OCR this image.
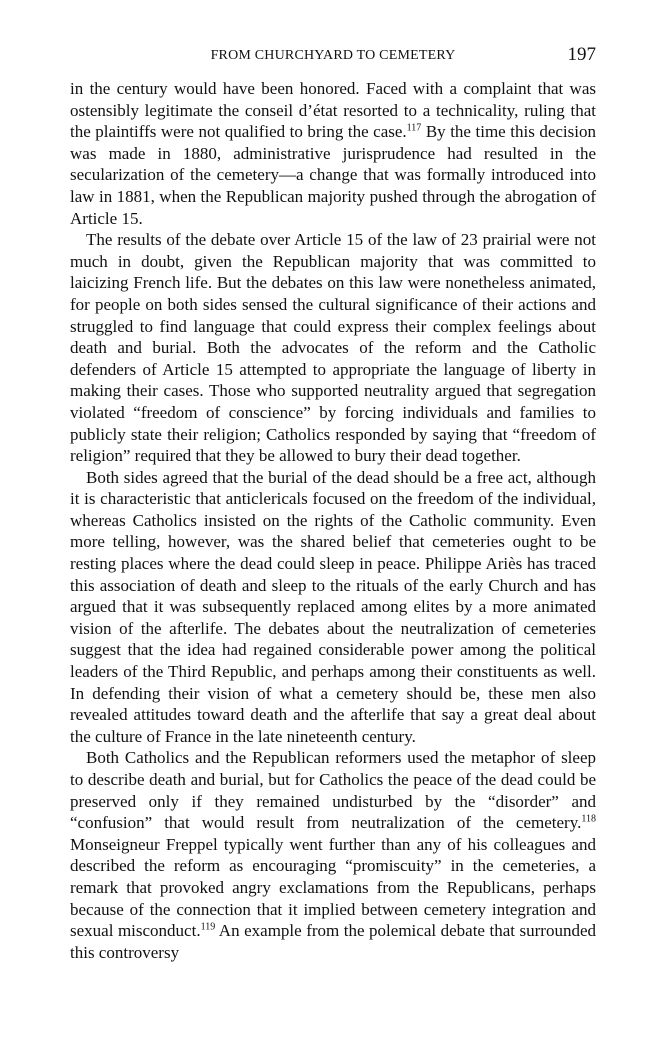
FROM CHURCHYARD TO CEMETERY	197

in the century would have been honored. Faced with a complaint that was ostensibly legitimate the conseil d’état resorted to a technicality, ruling that the plaintiffs were not qualified to bring the case.$^{117}$ By the time this decision was made in 1880, administrative jurisprudence had resulted in the secularization of the cemetery—a change that was formally introduced into law in 1881, when the Republican majority pushed through the abrogation of Article 15.

The results of the debate over Article 15 of the law of 23 prairial were not much in doubt, given the Republican majority that was committed to laicizing French life. But the debates on this law were nonetheless animated, for people on both sides sensed the cultural significance of their actions and struggled to find language that could express their complex feelings about death and burial. Both the advocates of the reform and the Catholic defenders of Article 15 attempted to appropriate the language of liberty in making their cases. Those who supported neutrality argued that segregation violated “freedom of conscience” by forcing individuals and families to publicly state their religion; Catholics responded by saying that “freedom of religion” required that they be allowed to bury their dead together.

Both sides agreed that the burial of the dead should be a free act, although it is characteristic that anticlericals focused on the freedom of the individual, whereas Catholics insisted on the rights of the Catholic community. Even more telling, however, was the shared belief that cemeteries ought to be resting places where the dead could sleep in peace. Philippe Ariès has traced this association of death and sleep to the rituals of the early Church and has argued that it was subsequently replaced among elites by a more animated vision of the afterlife. The debates about the neutralization of cemeteries suggest that the idea had regained considerable power among the political leaders of the Third Republic, and perhaps among their constituents as well. In defending their vision of what a cemetery should be, these men also revealed attitudes toward death and the afterlife that say a great deal about the culture of France in the late nineteenth century.

Both Catholics and the Republican reformers used the metaphor of sleep to describe death and burial, but for Catholics the peace of the dead could be preserved only if they remained undisturbed by the “disorder” and “confusion” that would result from neutralization of the cemetery.$^{118}$ Monseigneur Freppel typically went further than any of his colleagues and described the reform as encouraging “promiscuity” in the cemeteries, a remark that provoked angry exclamations from the Republicans, perhaps because of the connection that it implied between cemetery integration and sexual misconduct.$^{119}$ An example from the polemical debate that surrounded this controversy
